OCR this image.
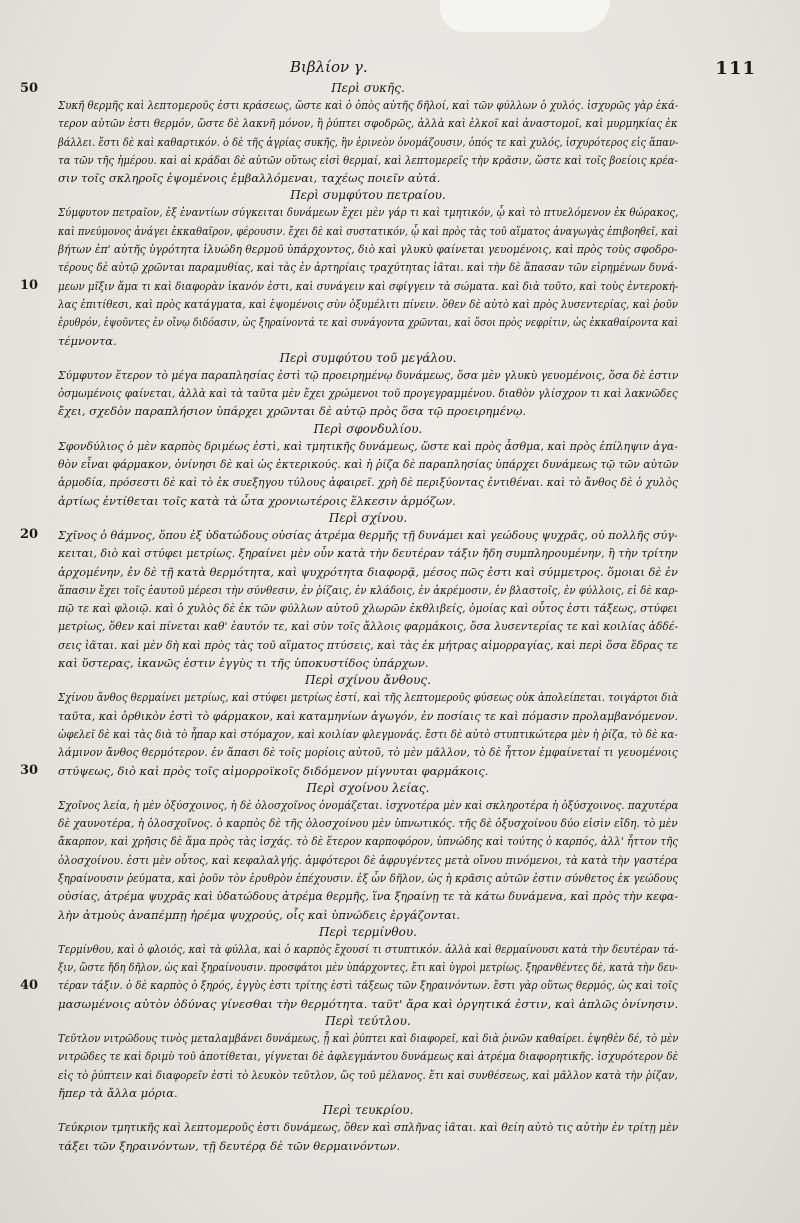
Βιβλίον γ.	111
Περὶ συκῆς.
Συκῆ θερμῆς καὶ λεπτομεροῦς ἐστι κράσεως, ὥστε καὶ ὁ ὀπὸς αὐτῆς δῆλοί, καὶ τῶν φύλλων ὁ χυλός. ἰσχυρῶς γὰρ ἑκά-
τερον αὐτῶν ἐστι θερμόν, ὥστε δὲ λακνῆ μόνον, ἢ ῥύπτει σφοδρῶς, ἀλλὰ καὶ ἑλκοῖ καὶ ἀναστομοῖ, καὶ μυρμηκίας ἐκ
βάλλει. ἔστι δὲ καὶ καθαρτικόν. ὁ δὲ τῆς ἀγρίας συκῆς, ἣν ἐρινεὸν ὀνομάζουσιν, ὁπός τε καὶ χυλός, ἰσχυρότερος εἰς ἅπαν-
τα τῶν τῆς ἡμέρου. καὶ αἱ κράδαι δὲ αὐτῶν οὕτως εἰσὶ θερμαί, καὶ λεπτομερεῖς τὴν κρᾶσιν, ὥστε καὶ τοῖς βοείοις κρέα-
σιν τοῖς σκληροῖς ἑψομένοις ἐμβαλλόμεναι, ταχέως ποιεῖν αὐτά.
Περὶ συμφύτου πετραίου.
Σύμφυτον πετραῖον, ἐξ ἐναντίων σύγκειται δυνάμεων ἔχει μὲν γάρ τι καὶ τμητικόν, ᾧ καὶ τὸ πτυελόμενον ἐκ θώρακος,
καὶ πνεύμονος ἀνάγει ἐκκαθαῖρον, φέρουσιν. ἔχει δὲ καὶ συστατικόν, ᾧ καὶ πρὸς τὰς τοῦ αἵματος ἀναγωγὰς ἐπιβοηθεῖ, καὶ
βήτων ἐπ' αὐτῆς ὑγρότητα ἰλυώδη θερμοῦ ὑπάρχοντος, διὸ καὶ γλυκὺ φαίνεται γευομένοις, καὶ πρὸς τοὺς σφοδρο-
τέρους δὲ αὐτῷ χρῶνται παραμυθίας, καὶ τὰς ἐν ἀρτηρίαις τραχύτητας ἰᾶται. καὶ τὴν δὲ ἅπασαν τῶν εἰρημένων δυνά-
μεων μῖξιν ἅμα τι καὶ διαφορὰν ἱκανόν ἐστι, καὶ συνάγειν καὶ σφίγγειν τὰ σώματα. καὶ διὰ τοῦτο, καὶ τοὺς ἐντεροκή-
λας ἐπιτίθεσι, καὶ πρὸς κατάγματα, καὶ ἑψομένοις σὺν ὀξυμέλιτι πίνειν. ὅθεν δὲ αὐτὸ καὶ πρὸς λυσεντερίας, καὶ ῥοῦν
ἐρυθρόν, ἑψοῦντες ἐν οἴνῳ διδόασιν, ὡς ξηραίνοντά τε καὶ συνάγοντα χρῶνται, καὶ ὅσοι πρὸς νεφρίτιν, ὡς ἐκκαθαίροντα καὶ
τέμνοντα.
Περὶ συμφύτου τοῦ μεγάλου.
Σύμφυτον ἕτερον τὸ μέγα παραπλησίας ἐστὶ τῷ προειρημένῳ δυνάμεως, ὅσα μὲν γλυκὺ γευομένοις, ὅσα δὲ ἐστιν
ὀσμωμένοις φαίνεται, ἀλλὰ καὶ τὰ ταῦτα μὲν ἔχει χρώμενοι τοῦ προγεγραμμένου. διαθὸν γλίσχρον τι καὶ λακνῶδες
ἔχει, σχεδὸν παραπλήσιον ὑπάρχει χρῶνται δὲ αὐτῷ πρὸς ὅσα τῷ προειρημένῳ.
Περὶ σφονδυλίου.
Σφονδύλιος ὁ μὲν καρπὸς δριμέως ἐστὶ, καὶ τμητικῆς δυνάμεως, ὥστε καὶ πρὸς ἆσθμα, καὶ πρὸς ἐπίληψιν ἀγα-
θὸν εἶναι φάρμακον, ὀνίνησι δὲ καὶ ὡς ἐκτερικούς. καὶ ἡ ῥίζα δὲ παραπλησίας ὑπάρχει δυνάμεως τῷ τῶν αὐτῶν
ἁρμοδία, πρόσεστι δὲ καὶ τὸ ἐκ συεξηγου τύλους ἀφαιρεῖ. χρὴ δὲ περιξύοντας ἐντιθέναι. καὶ τὸ ἄνθος δὲ ὁ χυλὸς
ἀρτίως ἐντίθεται τοῖς κατὰ τὰ ὦτα χρονιωτέροις ἕλκεσιν ἁρμόζων.
Περὶ σχίνου.
Σχῖνος ὁ θάμνος, ὅπου ἐξ ὑδατώδους οὐσίας ἀτρέμα θερμῆς τῇ δυνάμει καὶ γεώδους ψυχρᾶς, οὐ πολλῆς σύγ-
κειται, διὸ καὶ στύφει μετρίως. ξηραίνει μὲν οὖν κατὰ τὴν δευτέραν τάξιν ἤδη συμπληρουμένην, ἢ τὴν τρίτην
ἀρχομένην, ἐν δὲ τῇ κατὰ θερμότητα, καὶ ψυχρότητα διαφορᾷ, μέσος πῶς ἐστι καὶ σύμμετρος. ὅμοιαι δὲ ἐν
ἅπασιν ἔχει τοῖς ἑαυτοῦ μέρεσι τὴν σύνθεσιν, ἐν ῥίζαις, ἐν κλάδοις, ἐν ἀκρέμοσιν, ἐν βλαστοῖς, ἐν φύλλοις, εἰ δὲ καρ-
πῷ τε καὶ φλοιῷ. καὶ ὁ χυλὸς δὲ ἐκ τῶν φύλλων αὐτοῦ χλωρῶν ἐκθλιβείς, ὁμοίας καὶ οὗτος ἐστι τάξεως, στύφει
μετρίως, ὅθεν καὶ πίνεται καθ' ἑαυτόν τε, καὶ σὺν τοῖς ἄλλοις φαρμάκοις, ὅσα λυσεντερίας τε καὶ κοιλίας ἀδδέ-
σεις ἰᾶται. καὶ μὲν δὴ καὶ πρὸς τὰς τοῦ αἵματος πτύσεις, καὶ τὰς ἐκ μήτρας αἱμορραγίας, καὶ περὶ ὅσα ἕδρας τε
καὶ ὕστερας, ἱκανῶς ἐστιν ἐγγὺς τι τῆς ὑποκυστίδος ὑπάρχων.
Περὶ σχίνου ἄνθους.
Σχίνου ἄνθος θερμαίνει μετρίως, καὶ στύφει μετρίως ἐστί, καὶ τῆς λεπτομεροῦς φύσεως οὐκ ἀπολείπεται. τοιγάρτοι διὰ
ταῦτα, καὶ ὀρθικὸν ἐστὶ τὸ φάρμακον, καὶ καταμηνίων ἀγωγόν, ἐν ποσίαις τε καὶ πόμασιν προλαμβανόμενον.
ὠφελεῖ δὲ καὶ τὰς διὰ τὸ ἧπαρ καὶ στόμαχον, καὶ κοιλίαν φλεγμονάς. ἔστι δὲ αὐτὸ στυπτικώτερα μὲν ἡ ῥίζα, τὸ δὲ κα-
λάμινον ἄνθος θερμότερον. ἐν ἅπασι δὲ τοῖς μορίοις αὐτοῦ, τὸ μὲν μᾶλλον, τὸ δὲ ἧττον ἐμφαίνεταί τι γευομένοις
στύψεως, διὸ καὶ πρὸς τοῖς αἱμορροϊκοῖς διδόμενον μίγνυται φαρμάκοις.
Περὶ σχοίνου λείας.
Σχοῖνος λεία, ἡ μὲν ὀξύσχοινος, ἡ δὲ ὁλοσχοῖνος ὀνομάζεται. ἰσχνοτέρα μὲν καὶ σκληροτέρα ἡ ὀξύσχοινος. παχυτέρα
δὲ χαυνοτέρα, ἡ ὁλοσχοῖνος. ὁ καρπὸς δὲ τῆς ὁλοσχοίνου μὲν ὑπνωτικός. τῆς δὲ ὀξυσχοίνου δύο εἰσὶν εἴδη. τὸ μὲν
ἄκαρπον, καὶ χρῆσις δὲ ἅμα πρὸς τὰς ἰσχάς. τὸ δὲ ἕτερον καρποφόρον, ὑπνώδης καὶ τούτης ὁ καρπός, ἀλλ' ἧττον τῆς
ὁλοσχοίνου. ἐστι μὲν οὗτος, καὶ κεφαλαλγής. ἀμφότεροι δὲ ἀφρυγέντες μετὰ οἴνου πινόμενοι, τὰ κατὰ τὴν γαστέρα
ξηραίνουσιν ῥεύματα, καὶ ῥοῦν τὸν ἐρυθρὸν ἐπέχουσιν. ἐξ ὧν δῆλον, ὡς ἡ κρᾶσις αὐτῶν ἐστιν σύνθετος ἐκ γεώδους
οὐσίας, ἀτρέμα ψυχρᾶς καὶ ὑδατώδους ἀτρέμα θερμῆς, ἵνα ξηραίνῃ τε τὰ κάτω δυνάμενα, καὶ πρὸς τὴν κεφα-
λὴν ἀτμοὺς ἀναπέμπῃ ἠρέμα ψυχρούς, οἷς καὶ ὑπνώδεις ἐργάζονται.
Περὶ τερμίνθου.
Τερμίνθου, καὶ ὁ φλοιός, καὶ τὰ φύλλα, καὶ ὁ καρπὸς ἔχουσί τι στυπτικόν. ἀλλὰ καὶ θερμαίνουσι κατὰ τὴν δευτέραν τά-
ξιν, ὥστε ἤδη δῆλον, ὡς καὶ ξηραίνουσιν. προσφάτοι μὲν ὑπάρχοντες, ἔτι καὶ ὑγροὶ μετρίως. ξηρανθέντες δὲ, κατὰ τὴν δευ-
τέραν τάξιν. ὁ δὲ καρπὸς ὁ ξηρός, ἐγγὺς ἐστι τρίτης ἐστὶ τάξεως τῶν ξηραινόντων. ἔστι γὰρ οὕτως θερμός, ὡς καὶ τοῖς
μασωμένοις αὐτὸν ὀδύνας γίνεσθαι τὴν θερμότητα. ταῦτ' ἄρα καὶ ὀργητικά ἐστιν, καὶ ἀπλῶς ὀνίνησιν.
Περὶ τεύτλου.
Τεῦτλον νιτρῶδους τινὸς μεταλαμβάνει δυνάμεως, ᾗ καὶ ῥύπτει καὶ διαφορεῖ, καὶ διὰ ῥινῶν καθαίρει. ἑψηθὲν δέ, τὸ μὲν
νιτρῶδες τε καὶ δριμὺ τοῦ ἀποτίθεται, γίγνεται δὲ ἀφλεγμάντου δυνάμεως καὶ ἀτρέμα διαφορητικῆς. ἰσχυρότερον δὲ
εἰς τὸ ῥύπτειν καὶ διαφορεῖν ἐστὶ τὸ λευκὸν τεῦτλον, ὥς τοῦ μέλανος. ἔτι καὶ συνθέσεως, καὶ μᾶλλον κατὰ τὴν ῥίζαν,
ἤπερ τὰ ἄλλα μόρια.
Περὶ τευκρίου.
Τεύκριον τμητικῆς καὶ λεπτομεροῦς ἐστι δυνάμεως, ὅθεν καὶ σπλῆνας ἰᾶται. καὶ θείη αὐτὸ τις αὐτὴν ἐν τρίτῃ μὲν
τάξει τῶν ξηραινόντων, τῇ δευτέρᾳ δὲ τῶν θερμαινόντων.
10
20
30
40
50
